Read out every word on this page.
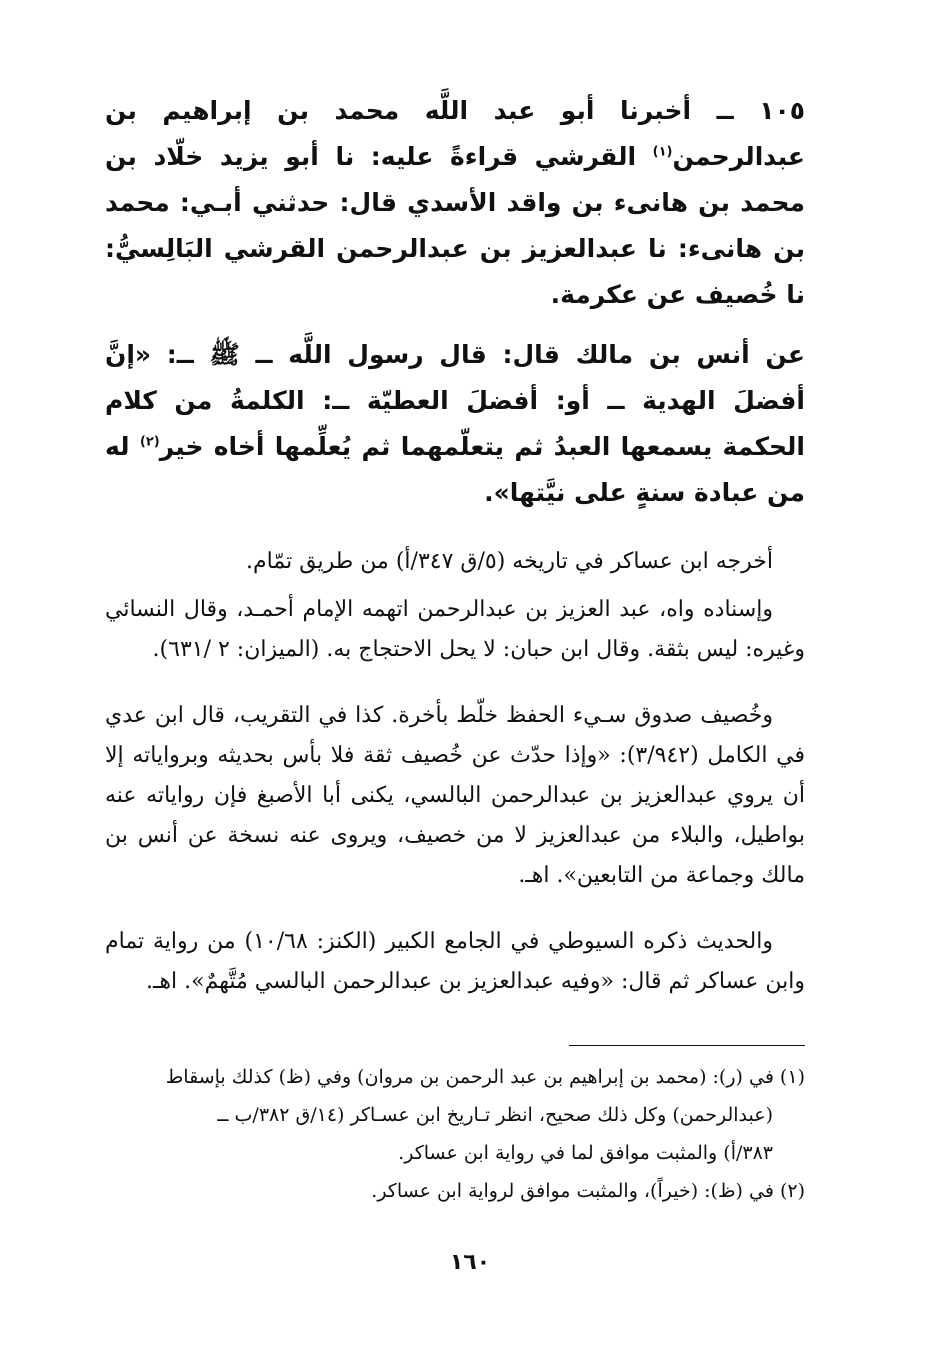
١٠٥ ــ أخبرنا أبو عبد اللَّه محمد بن إبراهيم بن عبدالرحمن$^{(١)}$ القرشي قراءةً عليه: نا أبو يزيد خلّاد بن محمد بن هانىء بن واقد الأسدي قال: حدثني أبـي: محمد بن هانىء: نا عبدالعزيز بن عبدالرحمن القرشي البَالِسيُّ: نا خُصيف عن عكرمة.

عن أنس بن مالك قال: قال رسول اللَّه ــ ﷺ ــ: «إنَّ أفضلَ الهدية ــ أو: أفضلَ العطيّة ــ: الكلمةُ من كلام الحكمة يسمعها العبدُ ثم يتعلّمهما ثم يُعلِّمها أخاه خير$^{(٢)}$ له من عبادة سنةٍ على نيَّتها».

أخرجه ابن عساكر في تاريخه (٥/ق ٣٤٧/أ) من طريق تمّام.

وإسناده واه، عبد العزيز بن عبدالرحمن اتهمه الإمام أحمـد، وقال النسائي وغيره: ليس بثقة. وقال ابن حبان: لا يحل الاحتجاج به. (الميزان: ٢ /٦٣١).

وخُصيف صدوق سـيء الحفظ خلّط بأخرة. كذا في التقريب، قال ابن عدي في الكامل (٣/٩٤٢): «وإذا حدّث عن خُصيف ثقة فلا بأس بحديثه وبرواياته إلا أن يروي عبدالعزيز بن عبدالرحمن البالسي، يكنى أبا الأصبغ فإن رواياته عنه بواطيل، والبلاء من عبدالعزيز لا من خصيف، ويروى عنه نسخة عن أنس بن مالك وجماعة من التابعين». اهـ.

والحديث ذكره السيوطي في الجامع الكبير (الكنز: ١٠/٦٨) من رواية تمام وابن عساكر ثم قال: «وفيه عبدالعزيز بن عبدالرحمن البالسي مُتَّهمٌ». اهـ.

(١) في (ر): (محمد بن إبراهيم بن عبد الرحمن بن مروان) وفي (ظ) كذلك بإسقاط

(عبدالرحمن) وكل ذلك صحيح، انظر تـاريخ ابن عسـاكر (١٤/ق ٣٨٢/ب ــ

٣٨٣/أ) والمثبت موافق لما في رواية ابن عساكر.

(٢) في (ظ): (خيراً)، والمثبت موافق لرواية ابن عساكر.

١٦٠
